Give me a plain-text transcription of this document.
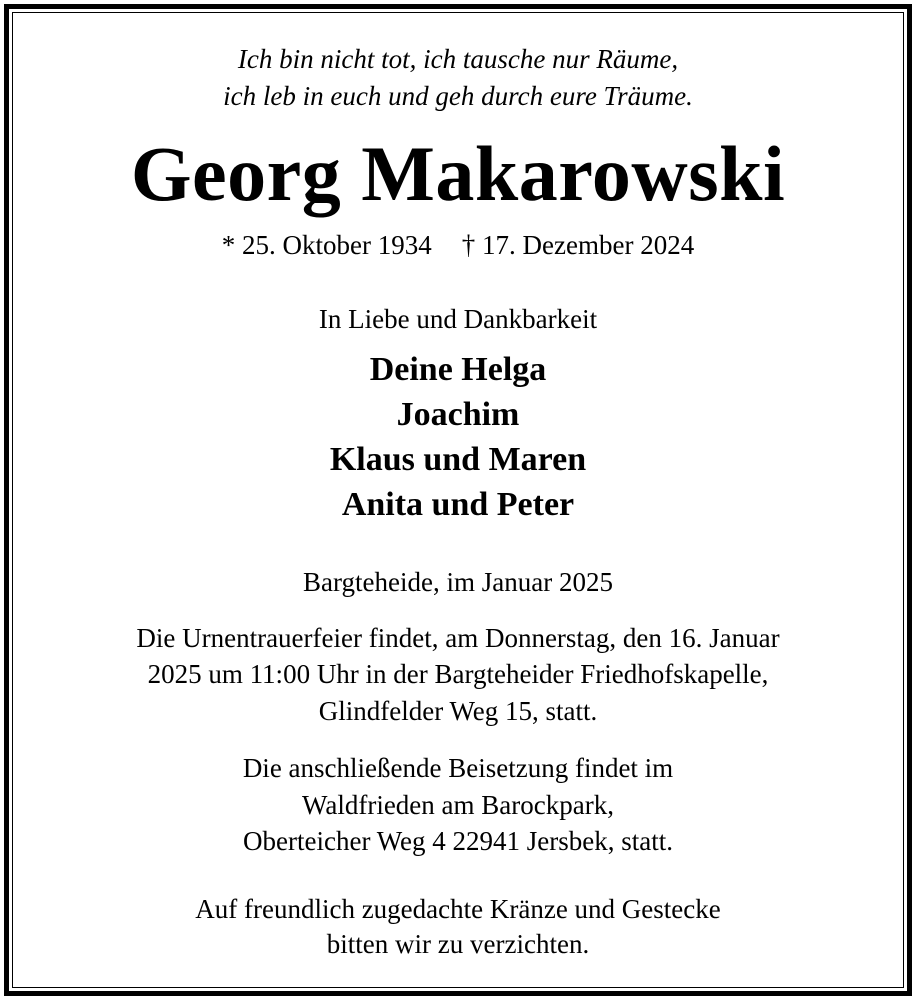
Ich bin nicht tot, ich tausche nur Räume,

ich leb in euch und geh durch eure Träume.

Georg Makarowski

* 25. Oktober 1934 † 17. Dezember 2024

In Liebe und Dankbarkeit

Deine Helga

Joachim

Klaus und Maren

Anita und Peter

Bargteheide, im Januar 2025

Die Urnentrauerfeier findet, am Donnerstag, den 16. Januar

2025 um 11:00 Uhr in der Bargteheider Friedhofskapelle,

Glindfelder Weg 15, statt.

Die anschließende Beisetzung findet im

Waldfrieden am Barockpark,

Oberteicher Weg 4 22941 Jersbek, statt.

Auf freundlich zugedachte Kränze und Gestecke

bitten wir zu verzichten.
